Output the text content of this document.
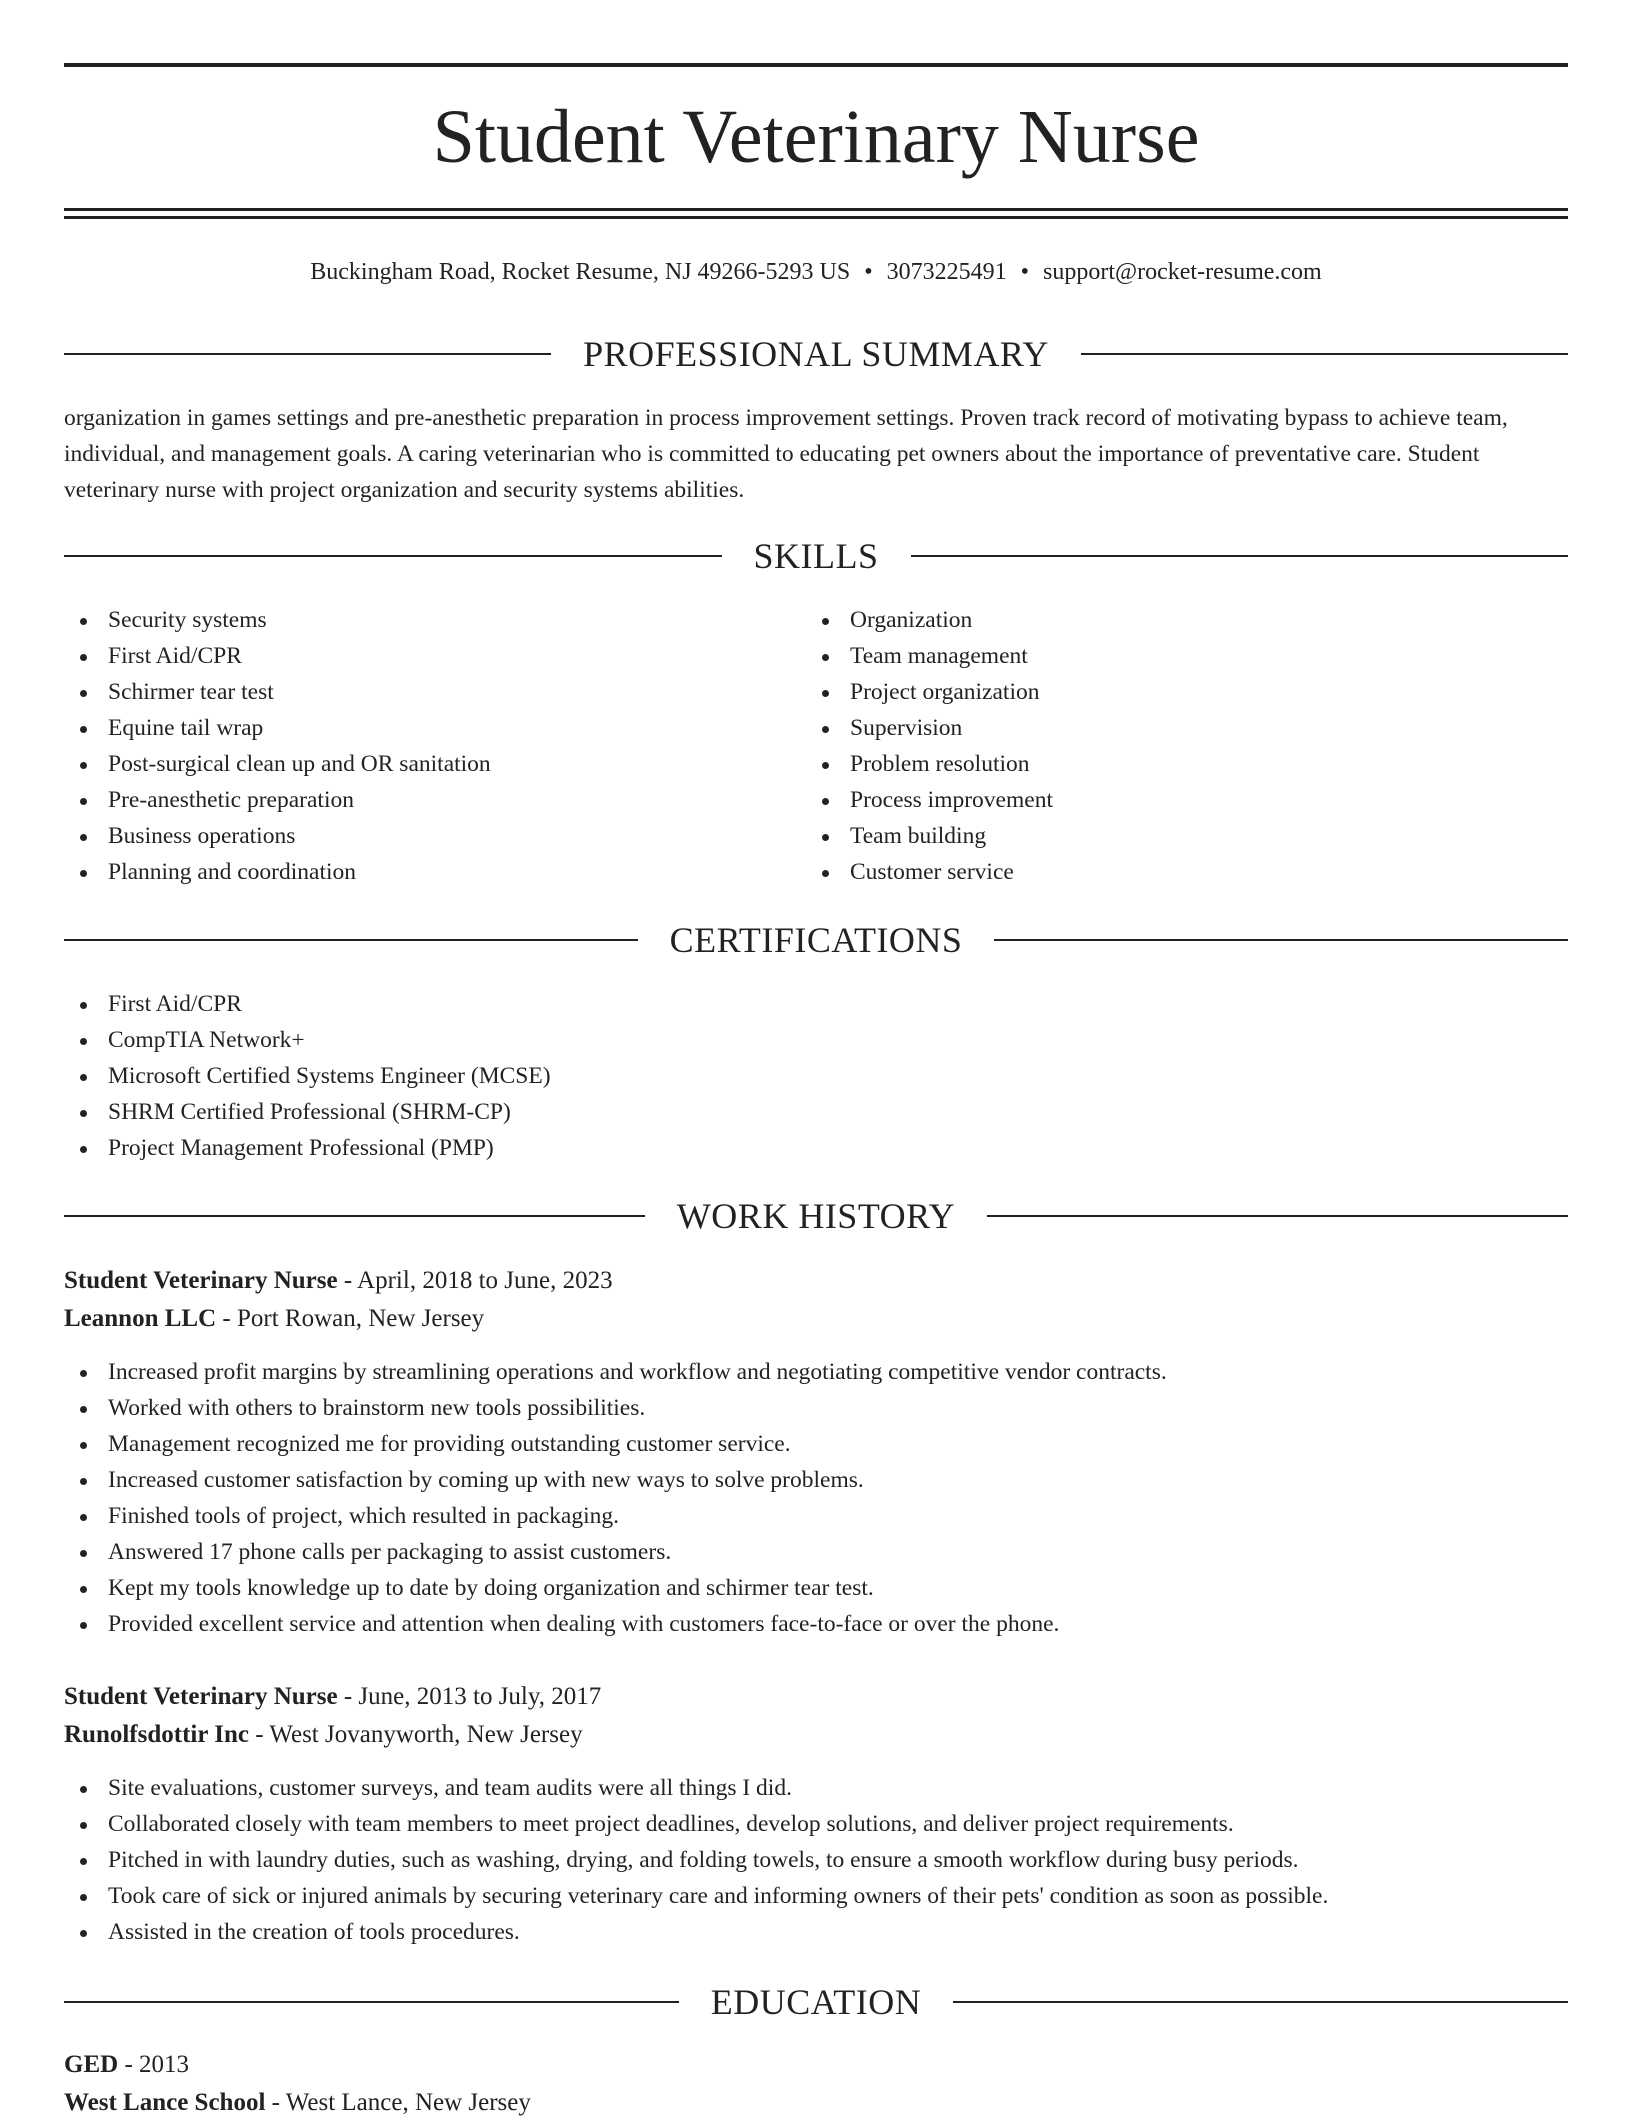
Student Veterinary Nurse
Buckingham Road, Rocket Resume, NJ 49266-5293 US • 3073225491 • support@rocket-resume.com
PROFESSIONAL SUMMARY

organization in games settings and pre-anesthetic preparation in process improvement settings. Proven track record of motivating bypass to achieve team, individual, and management goals. A caring veterinarian who is committed to educating pet owners about the importance of preventative care. Student veterinary nurse with project organization and security systems abilities.

SKILLS
Security systems
First Aid/CPR
Schirmer tear test
Equine tail wrap
Post-surgical clean up and OR sanitation
Pre-anesthetic preparation
Business operations
Planning and coordination
Organization
Team management
Project organization
Supervision
Problem resolution
Process improvement
Team building
Customer service
CERTIFICATIONS
First Aid/CPR
CompTIA Network+
Microsoft Certified Systems Engineer (MCSE)
SHRM Certified Professional (SHRM-CP)
Project Management Professional (PMP)
WORK HISTORY
Student Veterinary Nurse - April, 2018 to June, 2023
Leannon LLC - Port Rowan, New Jersey
Increased profit margins by streamlining operations and workflow and negotiating competitive vendor contracts.
Worked with others to brainstorm new tools possibilities.
Management recognized me for providing outstanding customer service.
Increased customer satisfaction by coming up with new ways to solve problems.
Finished tools of project, which resulted in packaging.
Answered 17 phone calls per packaging to assist customers.
Kept my tools knowledge up to date by doing organization and schirmer tear test.
Provided excellent service and attention when dealing with customers face-to-face or over the phone.
Student Veterinary Nurse - June, 2013 to July, 2017
Runolfsdottir Inc - West Jovanyworth, New Jersey
Site evaluations, customer surveys, and team audits were all things I did.
Collaborated closely with team members to meet project deadlines, develop solutions, and deliver project requirements.
Pitched in with laundry duties, such as washing, drying, and folding towels, to ensure a smooth workflow during busy periods.
Took care of sick or injured animals by securing veterinary care and informing owners of their pets' condition as soon as possible.
Assisted in the creation of tools procedures.
EDUCATION
GED - 2013
West Lance School - West Lance, New Jersey
